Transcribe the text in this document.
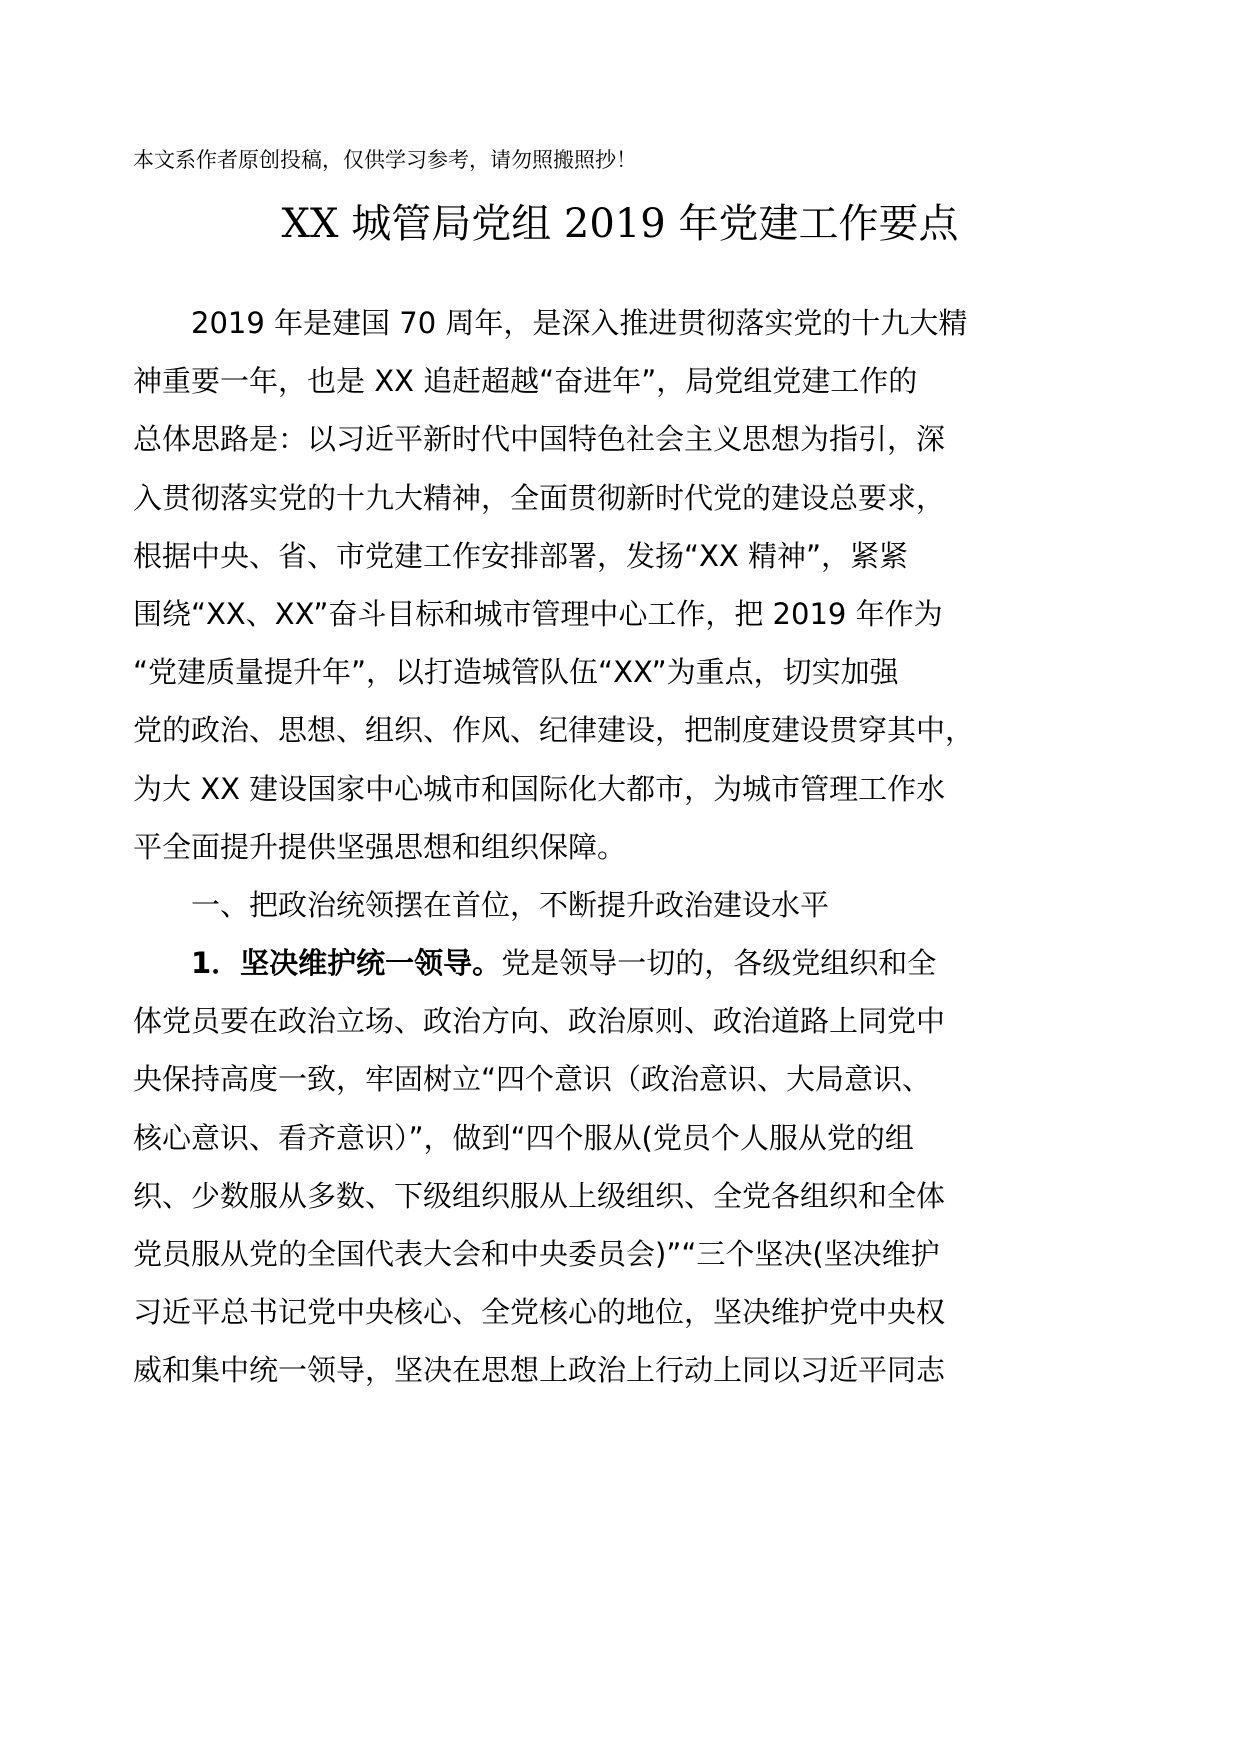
本文系作者原创投稿，仅供学习参考，请勿照搬照抄！
XX 城管局党组 2019 年党建工作要点
2019 年是建国 70 周年，是深入推进贯彻落实党的十九大精
神重要一年，也是 XX 追赶超越“奋进年”，局党组党建工作的
总体思路是：以习近平新时代中国特色社会主义思想为指引，深
入贯彻落实党的十九大精神，全面贯彻新时代党的建设总要求，
根据中央、省、市党建工作安排部署，发扬“XX 精神”，紧紧
围绕“XX、XX”奋斗目标和城市管理中心工作，把 2019 年作为
“党建质量提升年”，以打造城管队伍“XX”为重点，切实加强
党的政治、思想、组织、作风、纪律建设，把制度建设贯穿其中，
为大 XX 建设国家中心城市和国际化大都市，为城市管理工作水
平全面提升提供坚强思想和组织保障。
一、把政治统领摆在首位，不断提升政治建设水平
1．坚决维护统一领导。党是领导一切的，各级党组织和全
体党员要在政治立场、政治方向、政治原则、政治道路上同党中
央保持高度一致，牢固树立“四个意识（政治意识、大局意识、
核心意识、看齐意识）”，做到“四个服从(党员个人服从党的组
织、少数服从多数、下级组织服从上级组织、全党各组织和全体
党员服从党的全国代表大会和中央委员会)”“三个坚决(坚决维护
习近平总书记党中央核心、全党核心的地位，坚决维护党中央权
威和集中统一领导，坚决在思想上政治上行动上同以习近平同志
